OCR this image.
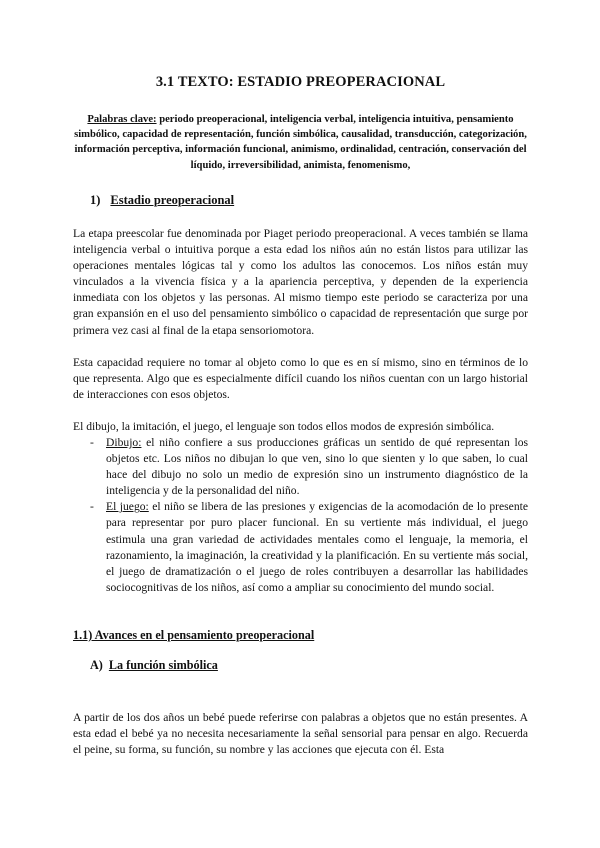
3.1 TEXTO: ESTADIO PREOPERACIONAL
Palabras clave: periodo preoperacional, inteligencia verbal, inteligencia intuitiva, pensamiento simbólico, capacidad de representación, función simbólica, causalidad, transducción, categorización, información perceptiva, información funcional, animismo, ordinalidad, centración, conservación del líquido, irreversibilidad, animista, fenomenismo,
1) Estadio preoperacional

La etapa preescolar fue denominada por Piaget periodo preoperacional. A veces también se llama inteligencia verbal o intuitiva porque a esta edad los niños aún no están listos para utilizar las operaciones mentales lógicas tal y como los adultos las conocemos. Los niños están muy vinculados a la vivencia física y a la apariencia perceptiva, y dependen de la experiencia inmediata con los objetos y las personas. Al mismo tiempo este periodo se caracteriza por una gran expansión en el uso del pensamiento simbólico o capacidad de representación que surge por primera vez casi al final de la etapa sensoriomotora.

Esta capacidad requiere no tomar al objeto como lo que es en sí mismo, sino en términos de lo que representa. Algo que es especialmente difícil cuando los niños cuentan con un largo historial de interacciones con esos objetos.

El dibujo, la imitación, el juego, el lenguaje son todos ellos modos de expresión simbólica.

- Dibujo: el niño confiere a sus producciones gráficas un sentido de qué representan los objetos etc. Los niños no dibujan lo que ven, sino lo que sienten y lo que saben, lo cual hace del dibujo no solo un medio de expresión sino un instrumento diagnóstico de la inteligencia y de la personalidad del niño.
- El juego: el niño se libera de las presiones y exigencias de la acomodación de lo presente para representar por puro placer funcional. En su vertiente más individual, el juego estimula una gran variedad de actividades mentales como el lenguaje, la memoria, el razonamiento, la imaginación, la creatividad y la planificación. En su vertiente más social, el juego de dramatización o el juego de roles contribuyen a desarrollar las habilidades sociocognitivas de los niños, así como a ampliar su conocimiento del mundo social.
1.1) Avances en el pensamiento preoperacional
A) La función simbólica

A partir de los dos años un bebé puede referirse con palabras a objetos que no están presentes. A esta edad el bebé ya no necesita necesariamente la señal sensorial para pensar en algo. Recuerda el peine, su forma, su función, su nombre y las acciones que ejecuta con él. Esta
